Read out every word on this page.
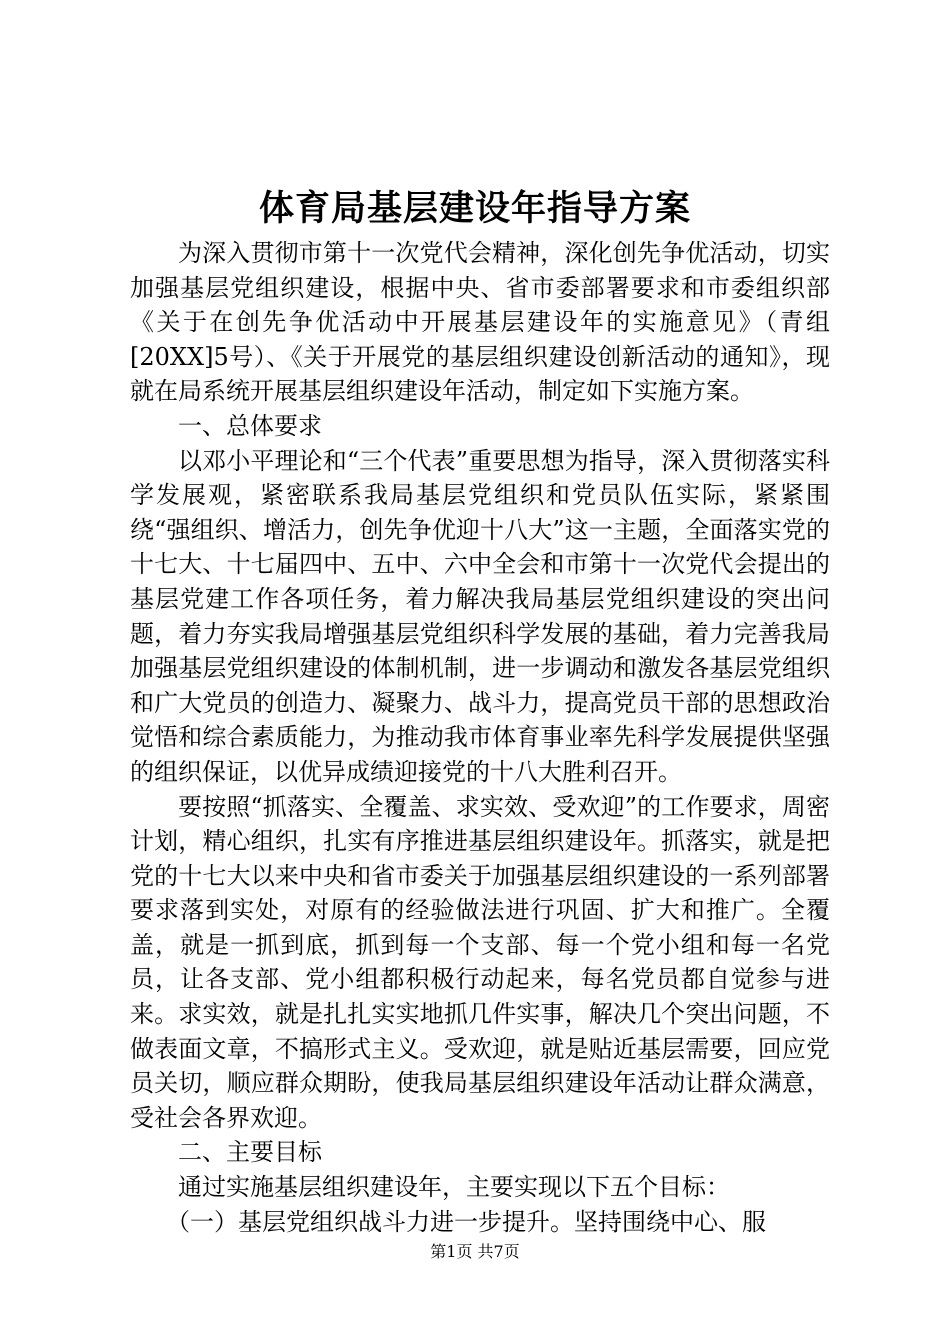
体育局基层建设年指导方案

为深入贯彻市第十一次党代会精神，深化创先争优活动，切实加强基层党组织建设，根据中央、省市委部署要求和市委组织部《关于在创先争优活动中开展基层建设年的实施意见》（青组[20XX]5号）、《关于开展党的基层组织建设创新活动的通知》，现就在局系统开展基层组织建设年活动，制定如下实施方案。

一、总体要求

以邓小平理论和“三个代表”重要思想为指导，深入贯彻落实科学发展观，紧密联系我局基层党组织和党员队伍实际，紧紧围绕“强组织、增活力，创先争优迎十八大”这一主题，全面落实党的十七大、十七届四中、五中、六中全会和市第十一次党代会提出的基层党建工作各项任务，着力解决我局基层党组织建设的突出问题，着力夯实我局增强基层党组织科学发展的基础，着力完善我局加强基层党组织建设的体制机制，进一步调动和激发各基层党组织和广大党员的创造力、凝聚力、战斗力，提高党员干部的思想政治觉悟和综合素质能力，为推动我市体育事业率先科学发展提供坚强的组织保证，以优异成绩迎接党的十八大胜利召开。

要按照“抓落实、全覆盖、求实效、受欢迎”的工作要求，周密计划，精心组织，扎实有序推进基层组织建设年。抓落实，就是把党的十七大以来中央和省市委关于加强基层组织建设的一系列部署要求落到实处，对原有的经验做法进行巩固、扩大和推广。全覆盖，就是一抓到底，抓到每一个支部、每一个党小组和每一名党员，让各支部、党小组都积极行动起来，每名党员都自觉参与进来。求实效，就是扎扎实实地抓几件实事，解决几个突出问题，不做表面文章，不搞形式主义。受欢迎，就是贴近基层需要，回应党员关切，顺应群众期盼，使我局基层组织建设年活动让群众满意，受社会各界欢迎。

二、主要目标

通过实施基层组织建设年，主要实现以下五个目标：

（一）基层党组织战斗力进一步提升。坚持围绕中心、服

第1页 共7页
